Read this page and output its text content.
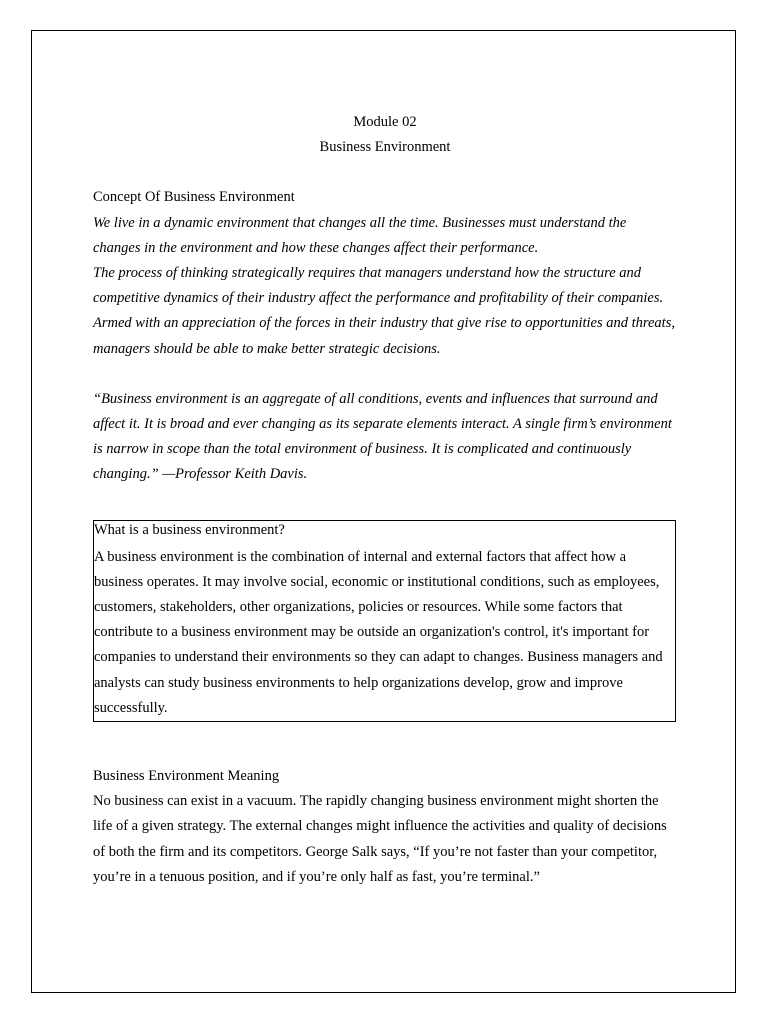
Module 02

Business Environment

Concept Of Business Environment

We live in a dynamic environment that changes all the time. Businesses must understand the changes in the environment and how these changes affect their performance.

The process of thinking strategically requires that managers understand how the structure and competitive dynamics of their industry affect the performance and profitability of their companies. Armed with an appreciation of the forces in their industry that give rise to opportunities and threats, managers should be able to make better strategic decisions.

“Business environment is an aggregate of all conditions, events and influences that surround and affect it. It is broad and ever changing as its separate elements interact. A single firm’s environment is narrow in scope than the total environment of business. It is complicated and continuously changing.” —Professor Keith Davis.

What is a business environment?

A business environment is the combination of internal and external factors that affect how a business operates. It may involve social, economic or institutional conditions, such as employees, customers, stakeholders, other organizations, policies or resources. While some factors that contribute to a business environment may be outside an organization's control, it's important for companies to understand their environments so they can adapt to changes. Business managers and analysts can study business environments to help organizations develop, grow and improve successfully.

Business Environment Meaning

No business can exist in a vacuum. The rapidly changing business environment might shorten the life of a given strategy. The external changes might influence the activities and quality of decisions of both the firm and its competitors. George Salk says, “If you’re not faster than your competitor, you’re in a tenuous position, and if you’re only half as fast, you’re terminal.”
